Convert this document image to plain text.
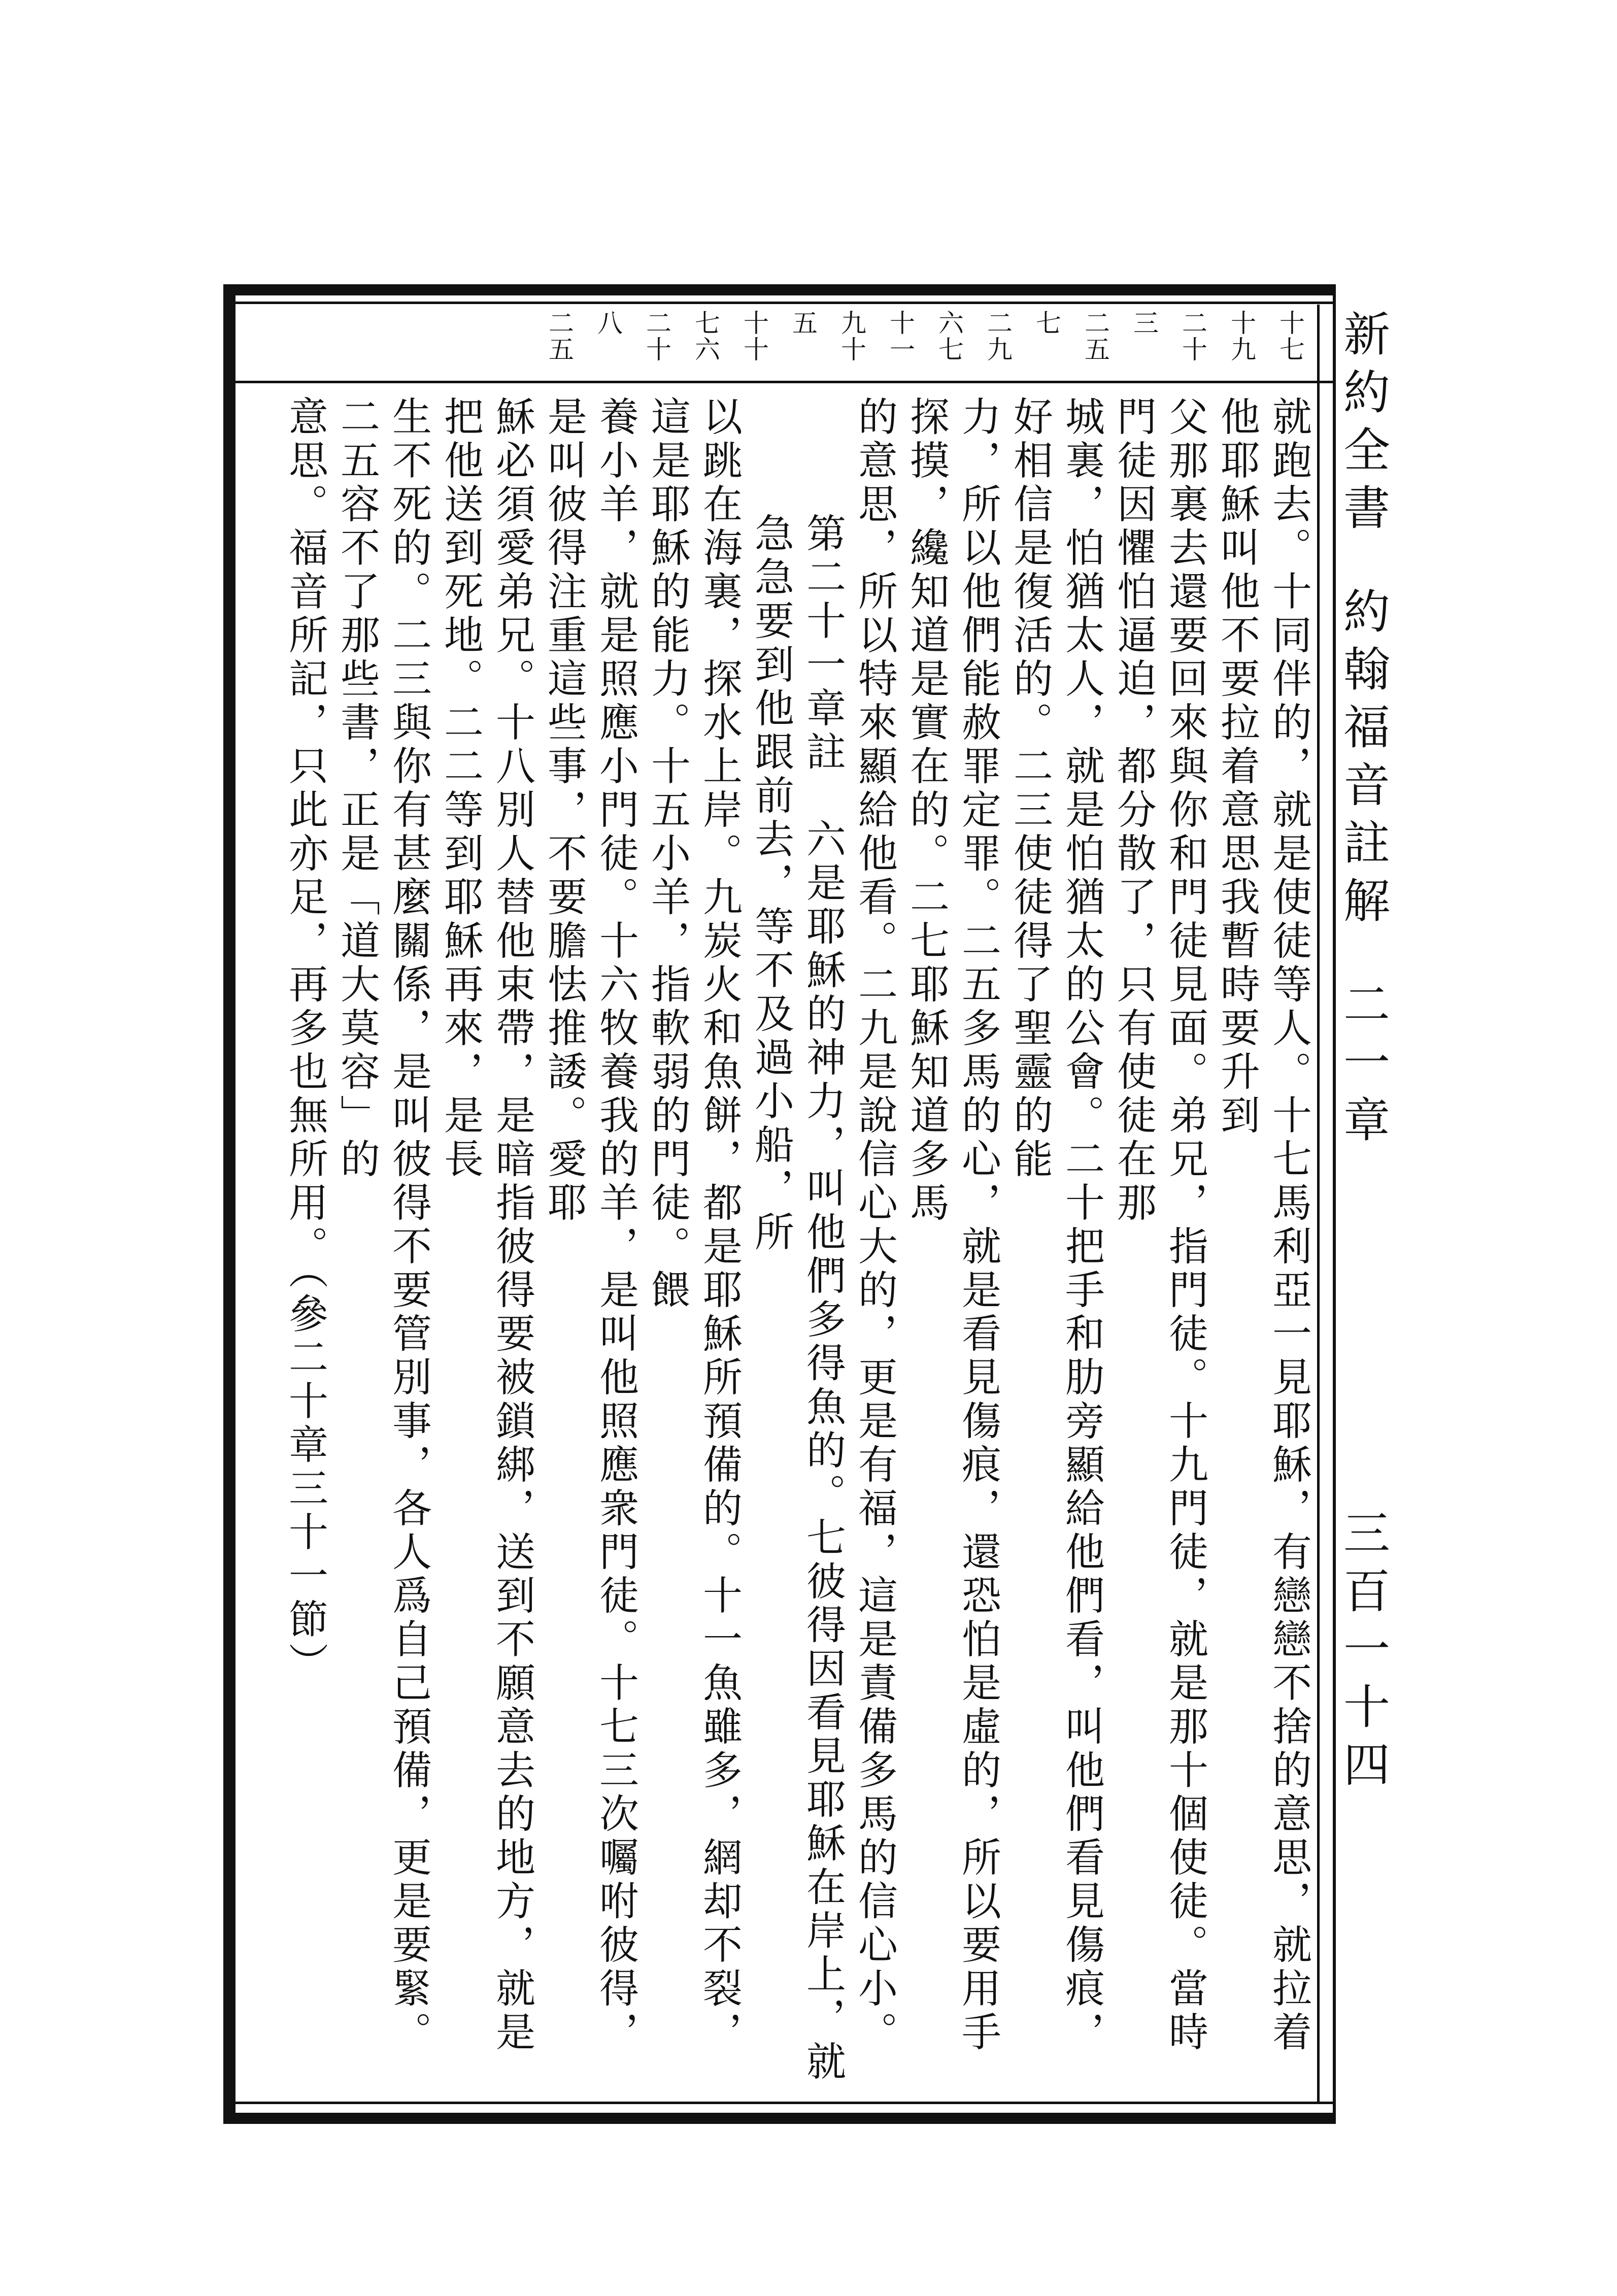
新約全書約翰福音註解二一章三百一十四
十七
十九
二十三
二五七
二九
六七
十一九十五
十十七六
二十八
二五

就跑去。十同伴的，就是使徒等人。十七馬利亞一見耶穌，有戀戀不捨的意思，就拉着他耶穌叫他不要拉着意思我暫時要升到

父那裏去還要回來與你和門徒見面。弟兄，指門徒。十九門徒，就是那十個使徒。當時門徒因懼怕逼迫，都分散了，只有使徒在那

城裏，怕猶太人，就是怕猶太的公會。二十把手和肋旁顯給他們看，叫他們看見傷痕，好相信是復活的。二三使徒得了聖靈的能

力，所以他們能赦罪定罪。二五多馬的心，就是看見傷痕，還恐怕是虛的，所以要用手探摸，纔知道是實在的。二七耶穌知道多馬

的意思，所以特來顯給他看。二九是說信心大的，更是有福，這是責備多馬的信心小。

第二十一章註　六是耶穌的神力，叫他們多得魚的。七彼得因看見耶穌在岸上，就急急要到他跟前去，等不及過小船，所

以跳在海裏，探水上岸。九炭火和魚餅，都是耶穌所預備的。十一魚雖多，網却不裂，這是耶穌的能力。十五小羊，指軟弱的門徒。餵

養小羊，就是照應小門徒。十六牧養我的羊，是叫他照應衆門徒。十七三次囑咐彼得，是叫彼得注重這些事，不要膽怯推諉。愛耶

穌必須愛弟兄。十八別人替他束帶，是暗指彼得要被鎖綁，送到不願意去的地方，就是把他送到死地。二二等到耶穌再來，是長

生不死的。二三與你有甚麼關係，是叫彼得不要管別事，各人爲自己預備，更是要緊。二五容不了那些書，正是「道大莫容」的

意思。福音所記，只此亦足，再多也無所用。（參二十章三十一節）
